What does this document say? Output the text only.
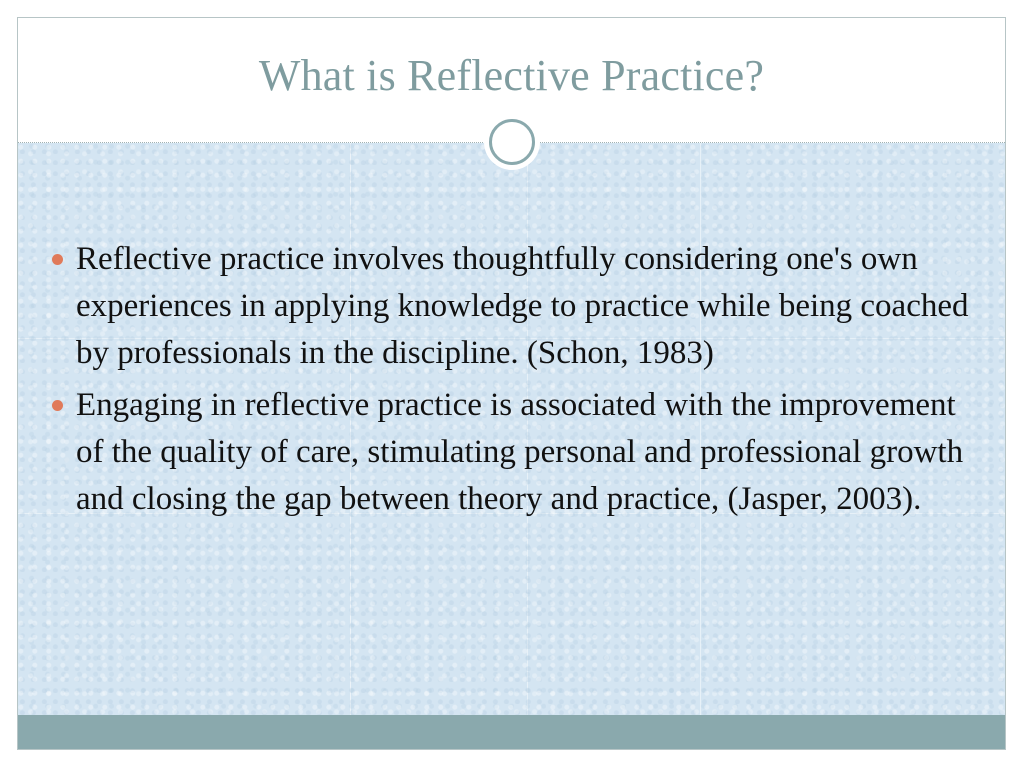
What is Reflective Practice?
Reflective practice involves thoughtfully considering one's own experiences in applying knowledge to practice while being coached by professionals in the discipline. (Schon, 1983)
Engaging in reflective practice is associated with the improvement of the quality of care, stimulating personal and professional growth and closing the gap between theory and practice, (Jasper, 2003).
